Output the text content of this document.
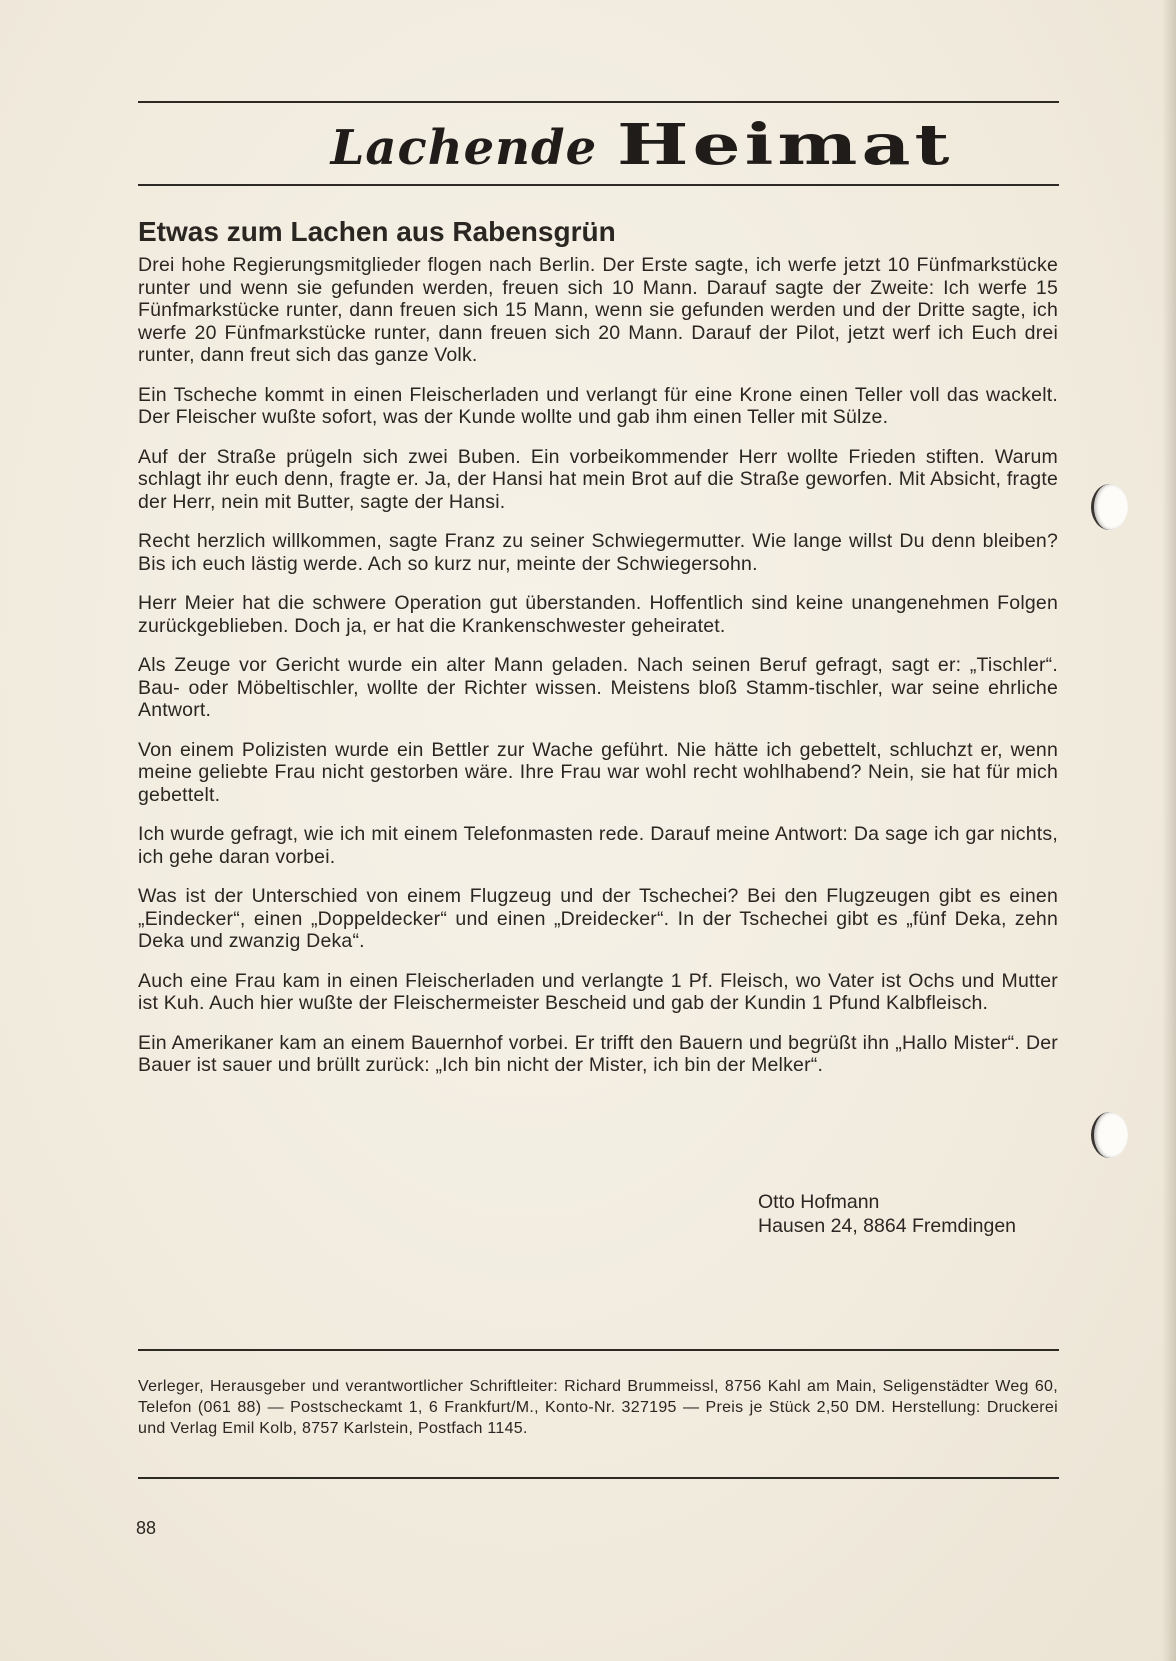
Lachende Heimat
Etwas zum Lachen aus Rabensgrün

Drei hohe Regierungsmitglieder flogen nach Berlin. Der Erste sagte, ich werfe jetzt 10 Fünfmarkstücke runter und wenn sie gefunden werden, freuen sich 10 Mann. Darauf sagte der Zweite: Ich werfe 15 Fünfmarkstücke runter, dann freuen sich 15 Mann, wenn sie gefunden werden und der Dritte sagte, ich werfe 20 Fünfmarkstücke runter, dann freuen sich 20 Mann. Darauf der Pilot, jetzt werf ich Euch drei runter, dann freut sich das ganze Volk.

Ein Tscheche kommt in einen Fleischerladen und verlangt für eine Krone einen Teller voll das wackelt. Der Fleischer wußte sofort, was der Kunde wollte und gab ihm einen Teller mit Sülze.

Auf der Straße prügeln sich zwei Buben. Ein vorbeikommender Herr wollte Frieden stiften. Warum schlagt ihr euch denn, fragte er. Ja, der Hansi hat mein Brot auf die Straße geworfen. Mit Absicht, fragte der Herr, nein mit Butter, sagte der Hansi.

Recht herzlich willkommen, sagte Franz zu seiner Schwiegermutter. Wie lange willst Du denn bleiben? Bis ich euch lästig werde. Ach so kurz nur, meinte der Schwiegersohn.

Herr Meier hat die schwere Operation gut überstanden. Hoffentlich sind keine unangenehmen Folgen zurückgeblieben. Doch ja, er hat die Krankenschwester geheiratet.

Als Zeuge vor Gericht wurde ein alter Mann geladen. Nach seinen Beruf gefragt, sagt er: „Tischler“. Bau- oder Möbeltischler, wollte der Richter wissen. Meistens bloß Stamm-tischler, war seine ehrliche Antwort.

Von einem Polizisten wurde ein Bettler zur Wache geführt. Nie hätte ich gebettelt, schluchzt er, wenn meine geliebte Frau nicht gestorben wäre. Ihre Frau war wohl recht wohlhabend? Nein, sie hat für mich gebettelt.

Ich wurde gefragt, wie ich mit einem Telefonmasten rede. Darauf meine Antwort: Da sage ich gar nichts, ich gehe daran vorbei.

Was ist der Unterschied von einem Flugzeug und der Tschechei? Bei den Flugzeugen gibt es einen „Eindecker“, einen „Doppeldecker“ und einen „Dreidecker“. In der Tschechei gibt es „fünf Deka, zehn Deka und zwanzig Deka“.

Auch eine Frau kam in einen Fleischerladen und verlangte 1 Pf. Fleisch, wo Vater ist Ochs und Mutter ist Kuh. Auch hier wußte der Fleischermeister Bescheid und gab der Kundin 1 Pfund Kalbfleisch.

Ein Amerikaner kam an einem Bauernhof vorbei. Er trifft den Bauern und begrüßt ihn „Hallo Mister“. Der Bauer ist sauer und brüllt zurück: „Ich bin nicht der Mister, ich bin der Melker“.

Otto Hofmann
Hausen 24, 8864 Fremdingen
Verleger, Herausgeber und verantwortlicher Schriftleiter: Richard Brummeissl, 8756 Kahl am Main, Seligenstädter Weg 60, Telefon (061 88) — Postscheckamt 1, 6 Frankfurt/M., Konto-Nr. 327195 — Preis je Stück 2,50 DM. Herstellung: Druckerei und Verlag Emil Kolb, 8757 Karlstein, Postfach 1145.
88
